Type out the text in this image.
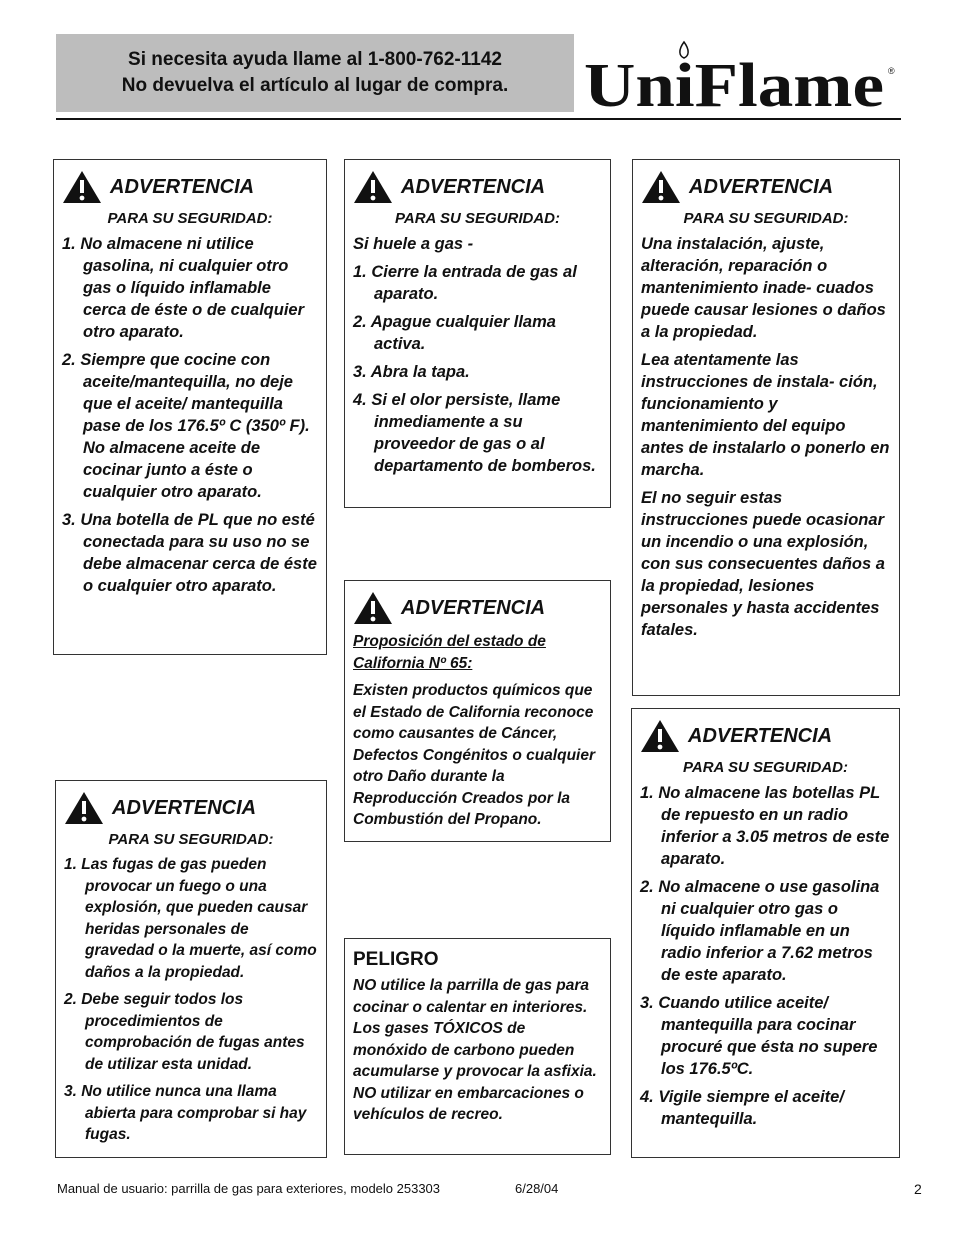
Si necesita ayuda llame al 1-800-762-1142
No devuelva el artículo al lugar de compra. UniFlame ®
ADVERTENCIA
PARA SU SEGURIDAD:
1. No almacene ni utilice gasolina, ni cualquier otro gas o líquido inflamable cerca de éste o de cualquier otro aparato.
2. Siempre que cocine con aceite/mantequilla, no deje que el aceite/ mantequilla pase de los 176.5º C (350º F). No almacene aceite de cocinar junto a éste o cualquier otro aparato.
3. Una botella de PL que no esté conectada para su uso no se debe almacenar cerca de éste o cualquier otro aparato.
ADVERTENCIA
PARA SU SEGURIDAD:
Si huele a gas -
1. Cierre la entrada de gas al aparato.
2. Apague cualquier llama activa.
3. Abra la tapa.
4. Si el olor persiste, llame inmediamente a su proveedor de gas o al departamento de bomberos.
ADVERTENCIA
PARA SU SEGURIDAD:
Una instalación, ajuste, alteración, reparación o mantenimiento inade- cuados puede causar lesiones o daños a la propiedad.
Lea atentamente las instrucciones de instala- ción, funcionamiento y mantenimiento del equipo antes de instalarlo o ponerlo en marcha.
El no seguir estas instrucciones puede ocasionar un incendio o una explosión, con sus consecuentes daños a la propiedad, lesiones personales y hasta accidentes fatales.
ADVERTENCIA
Proposición del estado de California Nº 65:
Existen productos químicos que el Estado de California reconoce como causantes de Cáncer, Defectos Congénitos o cualquier otro Daño durante la Reproducción Creados por la Combustión del Propano.
ADVERTENCIA
PARA SU SEGURIDAD:
1. Las fugas de gas pueden provocar un fuego o una explosión, que pueden causar heridas personales de gravedad o la muerte, así como daños a la propiedad.
2. Debe seguir todos los procedimientos de comprobación de fugas antes de utilizar esta unidad.
3. No utilice nunca una llama abierta para comprobar si hay fugas.
PELIGRO
NO utilice la parrilla de gas para cocinar o calentar en interiores. Los gases TÓXICOS de monóxido de carbono pueden acumularse y provocar la asfixia. NO utilizar en embarcaciones o vehículos de recreo.
ADVERTENCIA
PARA SU SEGURIDAD:
1. No almacene las botellas PL de repuesto en un radio inferior a 3.05 metros de este aparato.
2. No almacene o use gasolina ni cualquier otro gas o líquido inflamable en un radio inferior a 7.62 metros de este aparato.
3. Cuando utilice aceite/ mantequilla para cocinar procuré que ésta no supere los 176.5ºC.
4. Vigile siempre el aceite/ mantequilla.
Manual de usuario: parrilla de gas para exteriores, modelo 253303	6/28/04	2
